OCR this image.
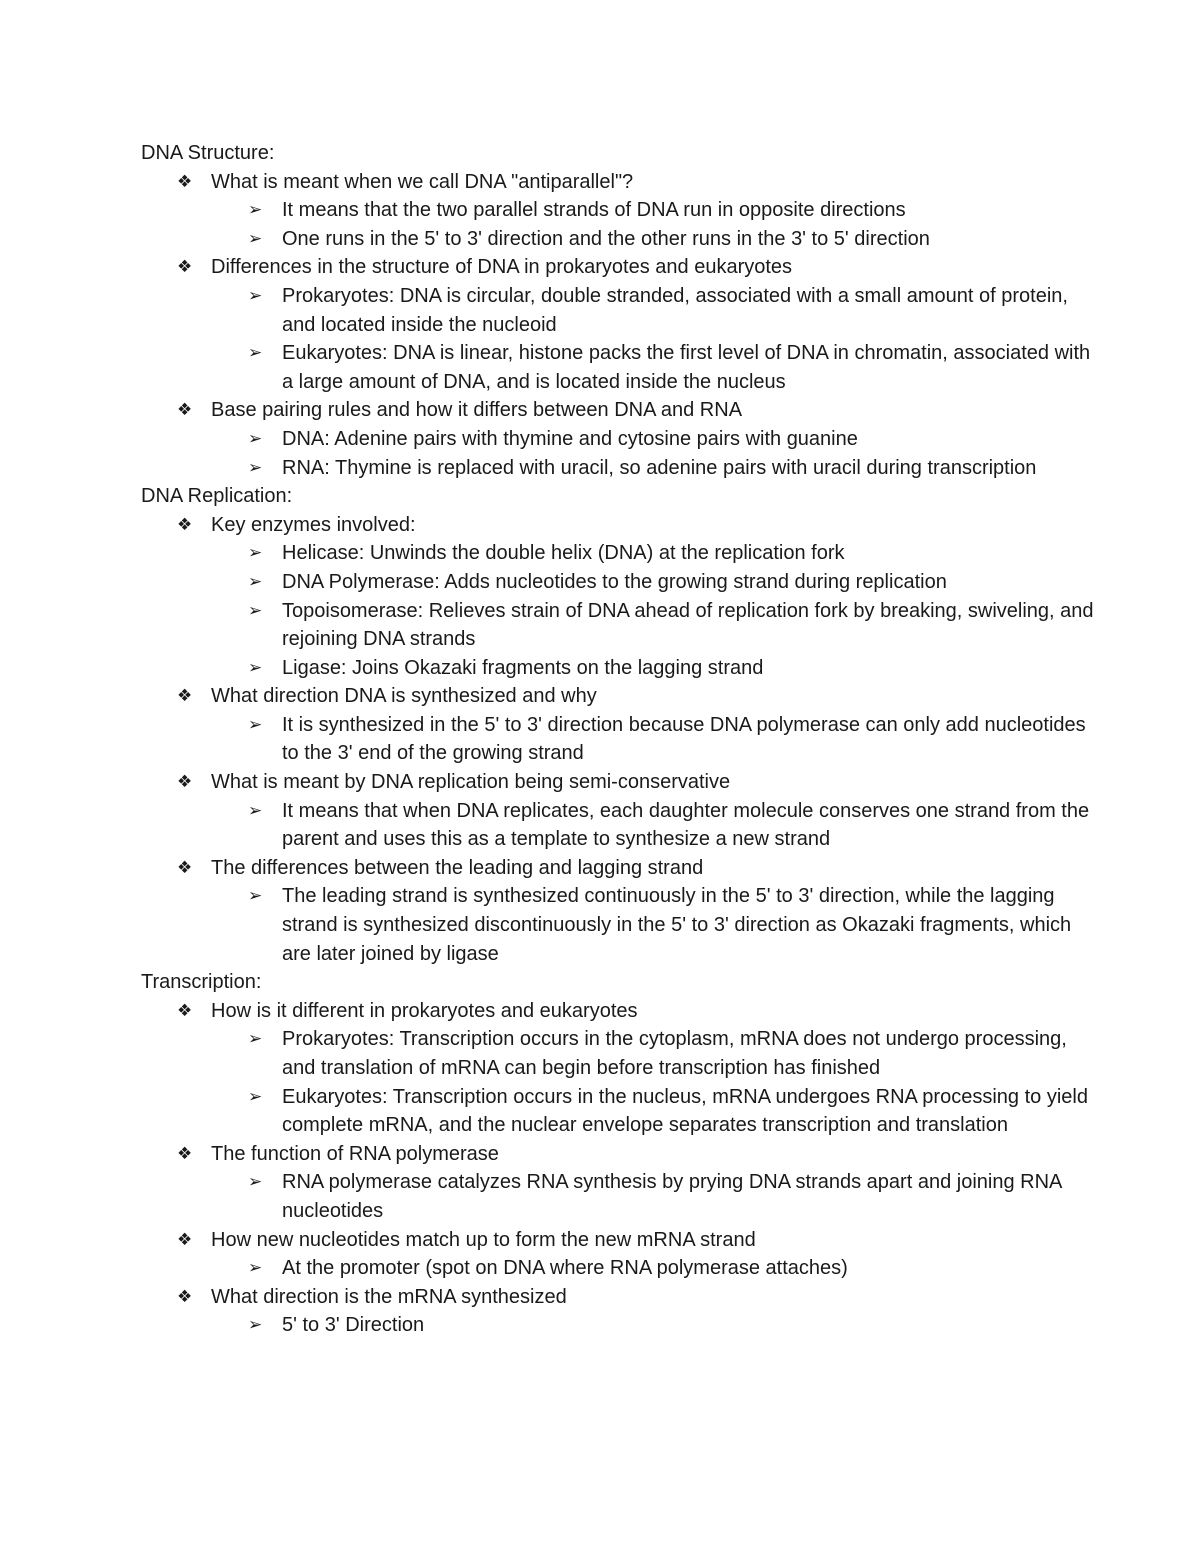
DNA Structure:
❖ What is meant when we call DNA "antiparallel"?
➢ It means that the two parallel strands of DNA run in opposite directions
➢ One runs in the 5' to 3' direction and the other runs in the 3' to 5' direction
❖ Differences in the structure of DNA in prokaryotes and eukaryotes
➢ Prokaryotes: DNA is circular, double stranded, associated with a small amount of protein, and located inside the nucleoid
➢ Eukaryotes: DNA is linear, histone packs the first level of DNA in chromatin, associated with a large amount of DNA, and is located inside the nucleus
❖ Base pairing rules and how it differs between DNA and RNA
➢ DNA: Adenine pairs with thymine and cytosine pairs with guanine
➢ RNA: Thymine is replaced with uracil, so adenine pairs with uracil during transcription
DNA Replication:
❖ Key enzymes involved:
➢ Helicase: Unwinds the double helix (DNA) at the replication fork
➢ DNA Polymerase: Adds nucleotides to the growing strand during replication
➢ Topoisomerase: Relieves strain of DNA ahead of replication fork by breaking, swiveling, and rejoining DNA strands
➢ Ligase: Joins Okazaki fragments on the lagging strand
❖ What direction DNA is synthesized and why
➢ It is synthesized in the 5' to 3' direction because DNA polymerase can only add nucleotides to the 3' end of the growing strand
❖ What is meant by DNA replication being semi-conservative
➢ It means that when DNA replicates, each daughter molecule conserves one strand from the parent and uses this as a template to synthesize a new strand
❖ The differences between the leading and lagging strand
➢ The leading strand is synthesized continuously in the 5' to 3' direction, while the lagging strand is synthesized discontinuously in the 5' to 3' direction as Okazaki fragments, which are later joined by ligase
Transcription:
❖ How is it different in prokaryotes and eukaryotes
➢ Prokaryotes: Transcription occurs in the cytoplasm, mRNA does not undergo processing, and translation of mRNA can begin before transcription has finished
➢ Eukaryotes: Transcription occurs in the nucleus, mRNA undergoes RNA processing to yield complete mRNA, and the nuclear envelope separates transcription and translation
❖ The function of RNA polymerase
➢ RNA polymerase catalyzes RNA synthesis by prying DNA strands apart and joining RNA nucleotides
❖ How new nucleotides match up to form the new mRNA strand
➢ At the promoter (spot on DNA where RNA polymerase attaches)
❖ What direction is the mRNA synthesized
➢ 5' to 3' Direction
